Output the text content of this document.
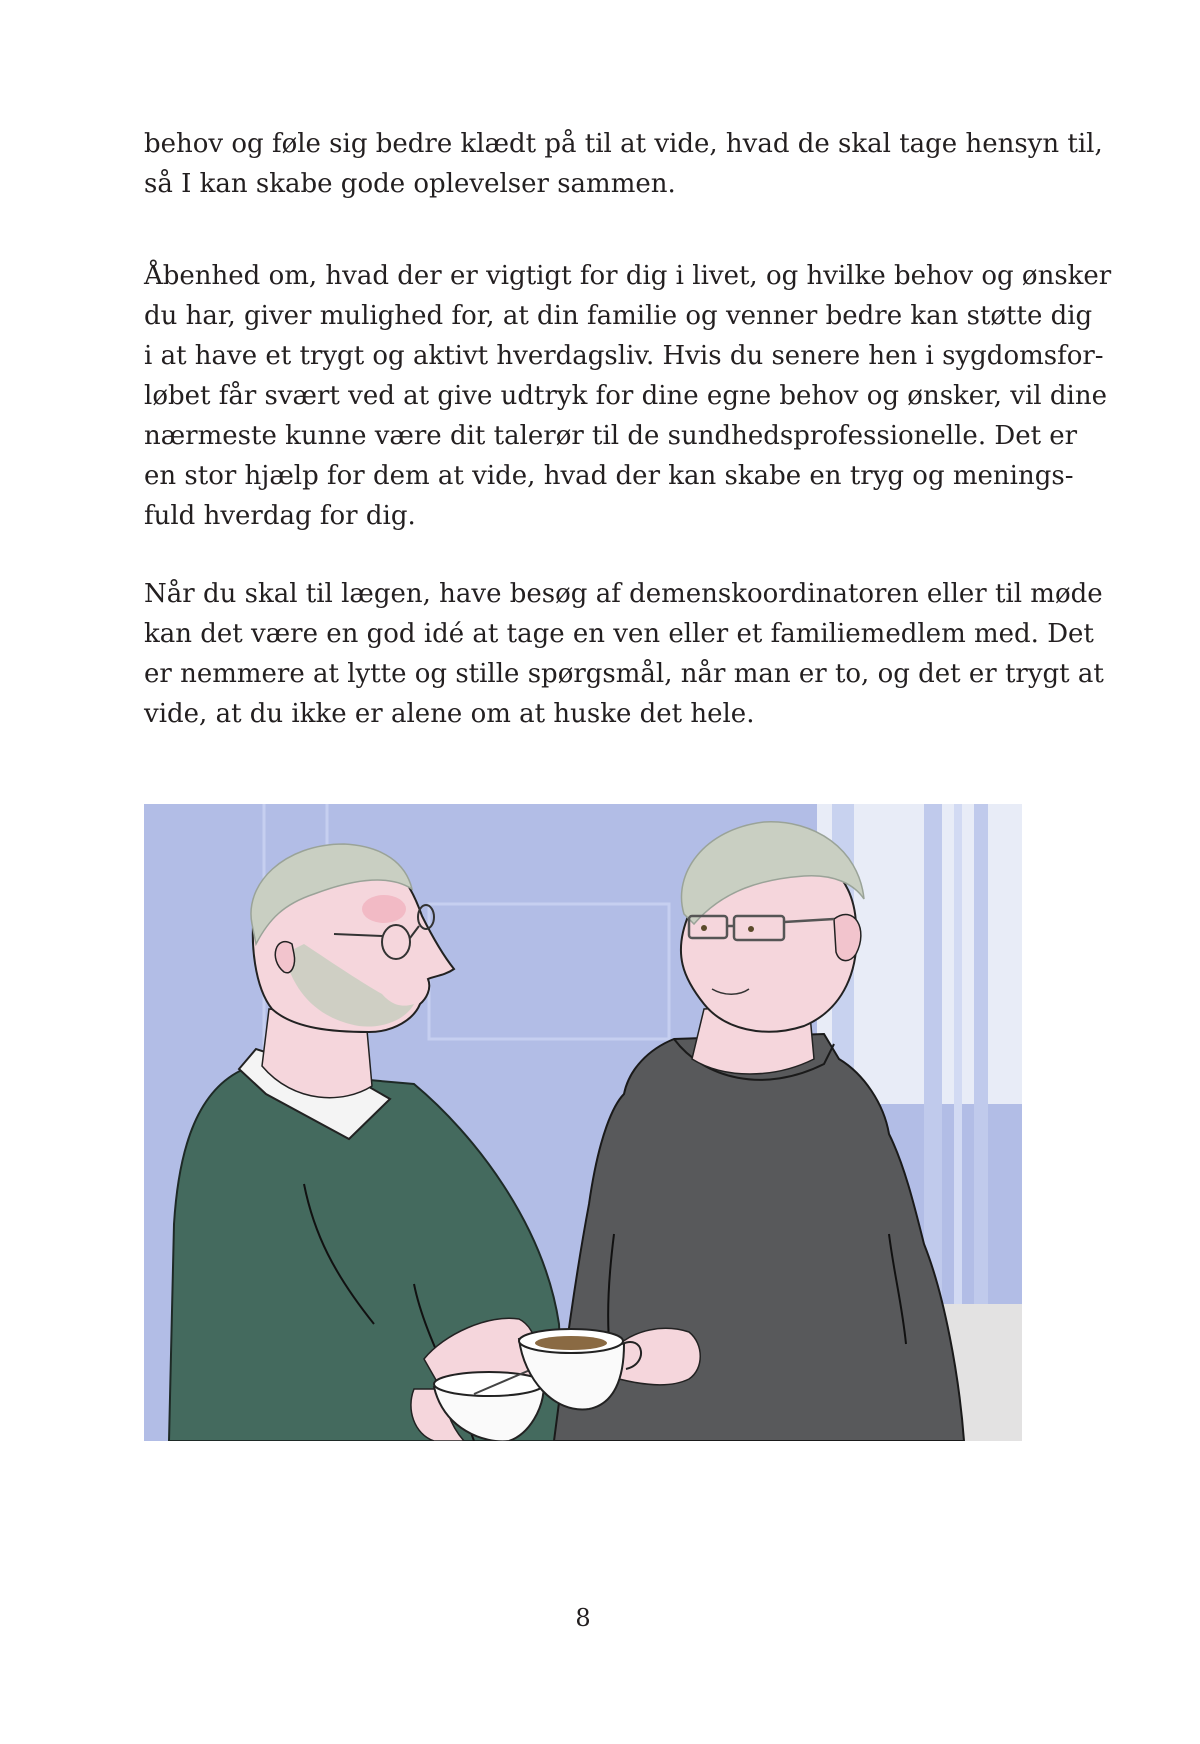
behov og føle sig bedre klædt på til at vide, hvad de skal tage hensyn til,
så I kan skabe gode oplevelser sammen.

Åbenhed om, hvad der er vigtigt for dig i livet, og hvilke behov og ønsker
du har, giver mulighed for, at din familie og venner bedre kan støtte dig
i at have et trygt og aktivt hverdagsliv. Hvis du senere hen i sygdomsfor-
løbet får svært ved at give udtryk for dine egne behov og ønsker, vil dine
nærmeste kunne være dit talerør til de sundhedsprofessionelle. Det er
en stor hjælp for dem at vide, hvad der kan skabe en tryg og menings-
fuld hverdag for dig.

Når du skal til lægen, have besøg af demenskoordinatoren eller til møde
kan det være en god idé at tage en ven eller et familiemedlem med. Det
er nemmere at lytte og stille spørgsmål, når man er to, og det er trygt at
vide, at du ikke er alene om at huske det hele.

8
